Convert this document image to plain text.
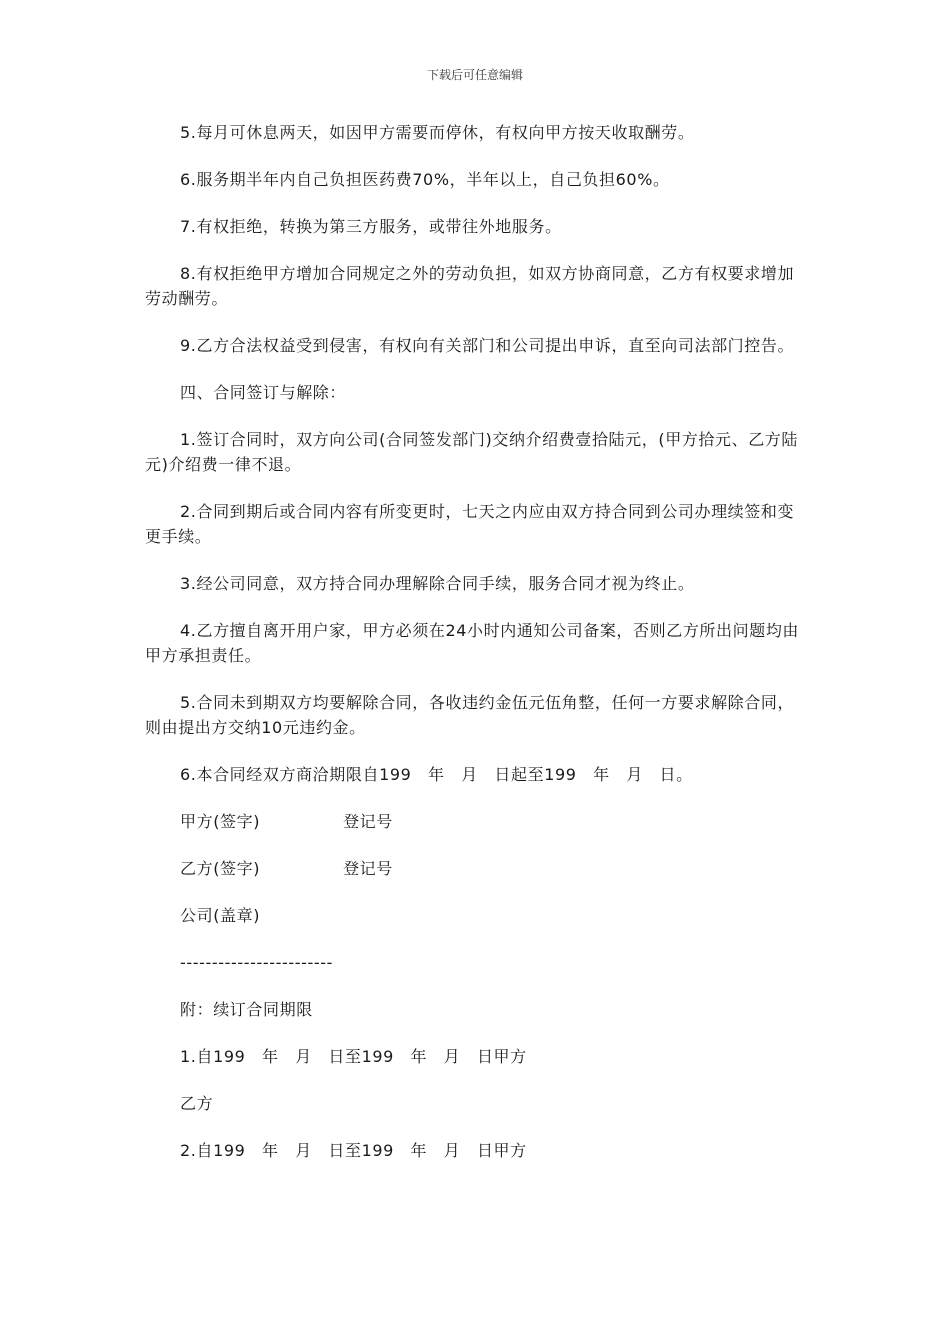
下载后可任意编辑

5.每月可休息两天，如因甲方需要而停休，有权向甲方按天收取酬劳。

6.服务期半年内自己负担医药费70%，半年以上，自己负担60%。

7.有权拒绝，转换为第三方服务，或带往外地服务。

8.有权拒绝甲方增加合同规定之外的劳动负担，如双方协商同意，乙方有权要求增加劳动酬劳。

9.乙方合法权益受到侵害，有权向有关部门和公司提出申诉，直至向司法部门控告。

四、合同签订与解除：

1.签订合同时，双方向公司(合同签发部门)交纳介绍费壹拾陆元，(甲方拾元、乙方陆元)介绍费一律不退。

2.合同到期后或合同内容有所变更时，七天之内应由双方持合同到公司办理续签和变更手续。

3.经公司同意，双方持合同办理解除合同手续，服务合同才视为终止。

4.乙方擅自离开用户家，甲方必须在24小时内通知公司备案，否则乙方所出问题均由甲方承担责任。

5.合同未到期双方均要解除合同，各收违约金伍元伍角整，任何一方要求解除合同，则由提出方交纳10元违约金。

6.本合同经双方商洽期限自199　年　月　日起至199　年　月　日。

甲方(签字)　　　　　登记号

乙方(签字)　　　　　登记号

公司(盖章)

------------------------

附：续订合同期限

1.自199　年　月　日至199　年　月　日甲方

乙方

2.自199　年　月　日至199　年　月　日甲方
